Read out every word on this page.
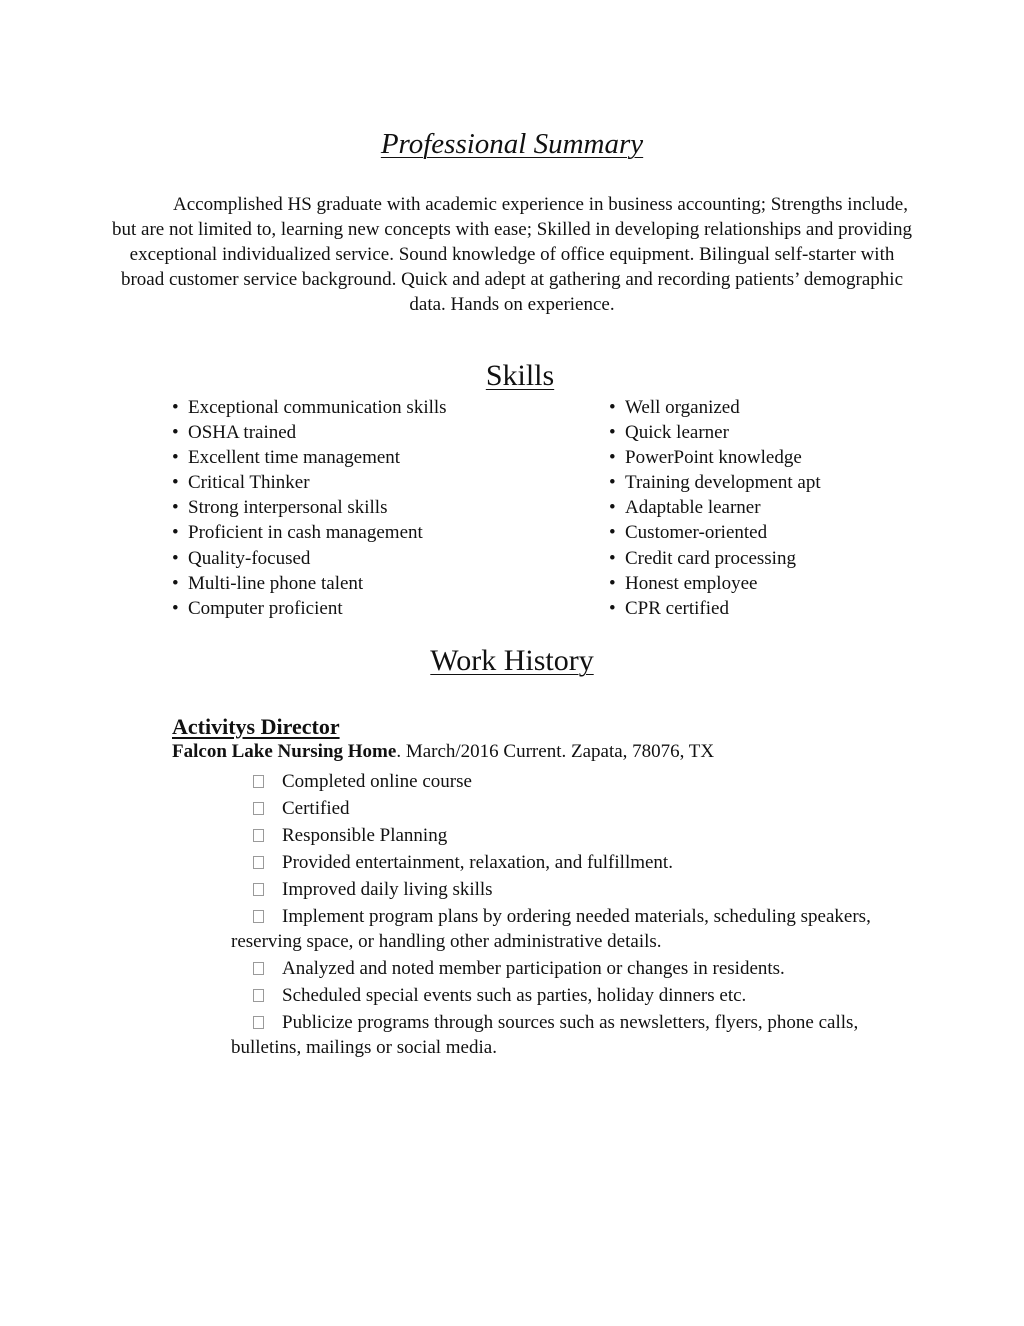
Professional Summary

   Accomplished HS graduate with academic experience in business accounting; Strengths include, but are not limited to, learning new concepts with ease; Skilled in developing relationships and providing exceptional individualized service. Sound knowledge of office equipment. Bilingual self-starter with broad customer service background. Quick and adept at gathering and recording patients’ demographic data. Hands on experience.

Skills
• Exceptional communication skills
• OSHA trained
• Excellent time management
• Critical Thinker
• Strong interpersonal skills
• Proficient in cash management
• Quality-focused
• Multi-line phone talent
• Computer proficient
• Well organized
• Quick learner
• PowerPoint knowledge
• Training development apt
• Adaptable learner
• Customer-oriented
• Credit card processing
• Honest employee
• CPR certified
Work History
Activitys Director

Falcon Lake Nursing Home. March/2016 Current. Zapata, 78076, TX

Completed online course
Certified
Responsible Planning
Provided entertainment, relaxation, and fulfillment.
Improved daily living skills
Implement program plans by ordering needed materials, scheduling speakers, reserving space, or handling other administrative details.
Analyzed and noted member participation or changes in residents.
Scheduled special events such as parties, holiday dinners etc.
Publicize programs through sources such as newsletters, flyers, phone calls, bulletins, mailings or social media.
